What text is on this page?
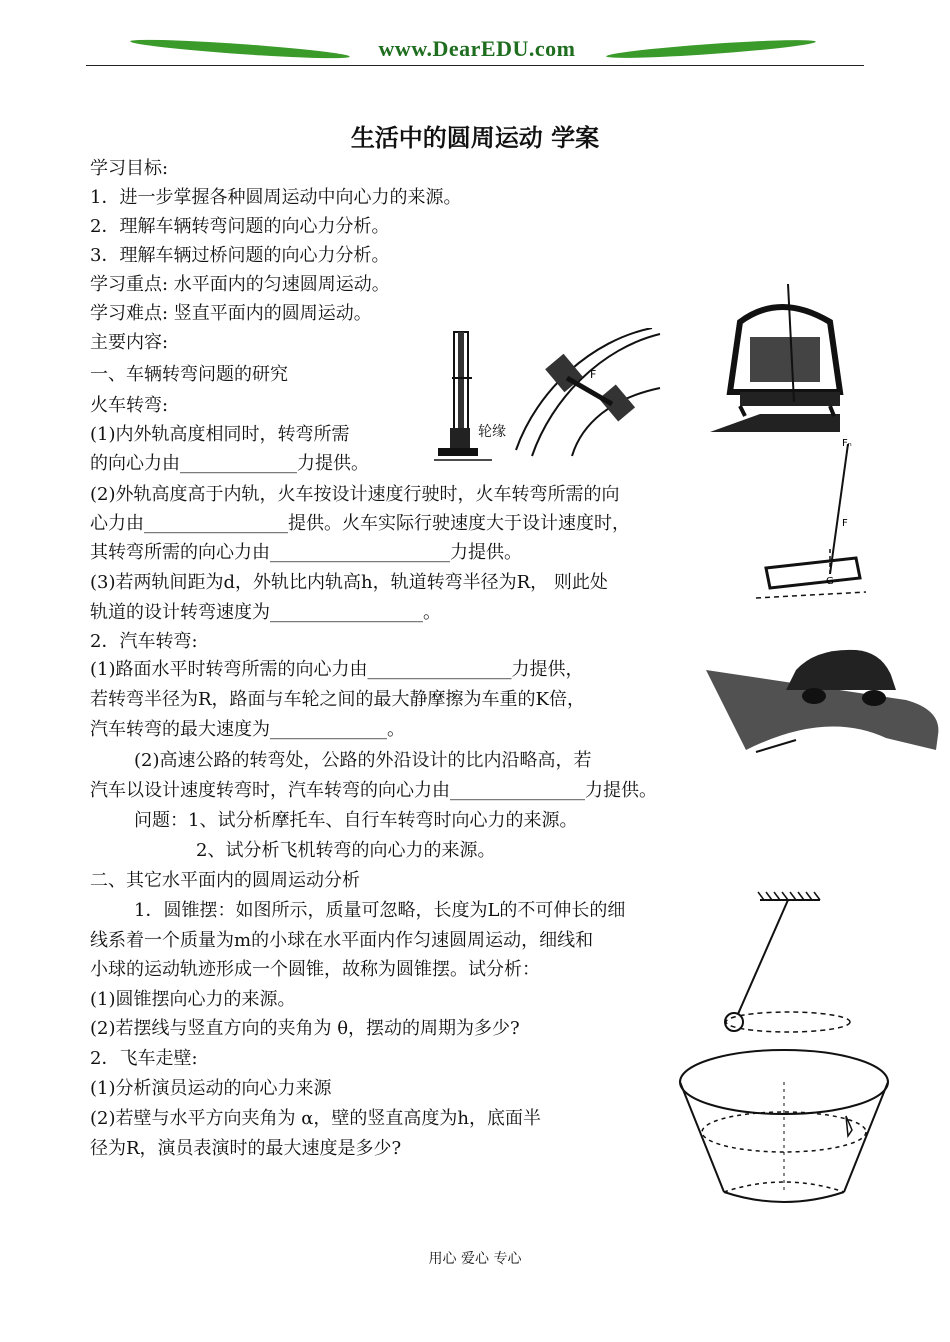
www.DearEDU.com
生活中的圆周运动 学案
学习目标:
1．进一步掌握各种圆周运动中向心力的来源。
2．理解车辆转弯问题的向心力分析。
3．理解车辆过桥问题的向心力分析。
学习重点: 水平面内的匀速圆周运动。
学习难点: 竖直平面内的圆周运动。
主要内容:
一、车辆转弯问题的研究
火车转弯:
(1)内外轨高度相同时，转弯所需
的向心力由_____________力提供。
(2)外轨高度高于内轨，火车按设计速度行驶时，火车转弯所需的向
心力由________________提供。火车实际行驶速度大于设计速度时，
其转弯所需的向心力由____________________力提供。
(3)若两轨间距为d，外轨比内轨高h，轨道转弯半径为R， 则此处
轨道的设计转弯速度为_________________。
2．汽车转弯:
(1)路面水平时转弯所需的向心力由________________力提供，
若转弯半径为R，路面与车轮之间的最大静摩擦为车重的K倍，
汽车转弯的最大速度为_____________。
(2)高速公路的转弯处，公路的外沿设计的比内沿略高，若
汽车以设计速度转弯时，汽车转弯的向心力由_______________力提供。
问题：1、试分析摩托车、自行车转弯时向心力的来源。
2、试分析飞机转弯的向心力的来源。
二、其它水平面内的圆周运动分析
1．圆锥摆：如图所示，质量可忽略，长度为L的不可伸长的细
线系着一个质量为m的小球在水平面内作匀速圆周运动，细线和
小球的运动轨迹形成一个圆锥，故称为圆锥摆。试分析：
(1)圆锥摆向心力的来源。
(2)若摆线与竖直方向的夹角为 θ，摆动的周期为多少?
2．飞车走壁:
(1)分析演员运动的向心力来源
(2)若壁与水平方向夹角为 α，壁的竖直高度为h，底面半
径为R，演员表演时的最大速度是多少?
轮缘
F
Fₙ
F
G
用心 爱心 专心
